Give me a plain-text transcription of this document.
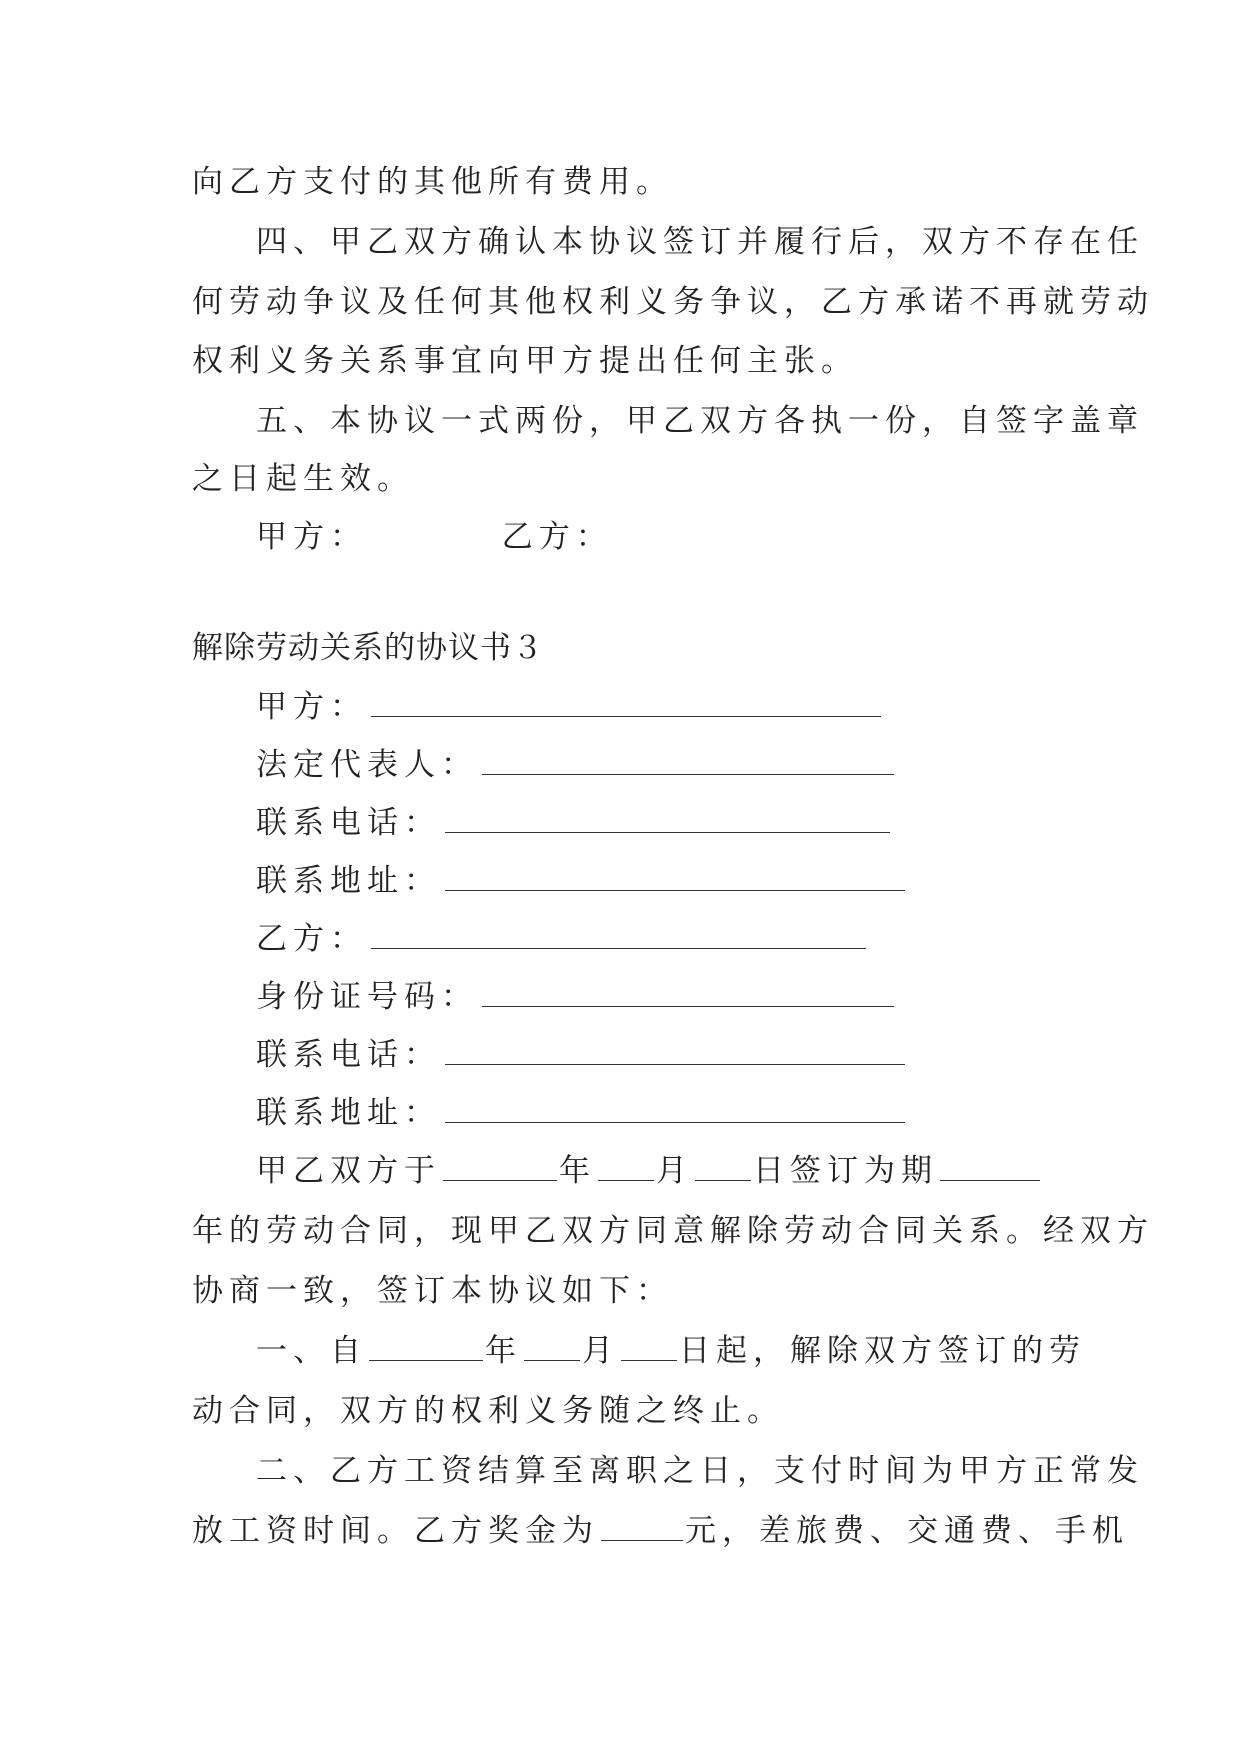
向乙方支付的其他所有费用。
四、甲乙双方确认本协议签订并履行后，双方不存在任
何劳动争议及任何其他权利义务争议，乙方承诺不再就劳动
权利义务关系事宜向甲方提出任何主张。
五、本协议一式两份，甲乙双方各执一份，自签字盖章
之日起生效。
甲方：	乙方：
解除劳动关系的协议书３
甲方：
法定代表人：
联系电话：
联系地址：
乙方：
身份证号码：
联系电话：
联系地址：
甲乙双方于	年 月 日签订为期
年的劳动合同，现甲乙双方同意解除劳动合同关系。经双方
协商一致，签订本协议如下：
一、自	年 月 日起，解除双方签订的劳
动合同，双方的权利义务随之终止。
二、乙方工资结算至离职之日，支付时间为甲方正常发
放工资时间。乙方奖金为	元，差旅费、交通费、手机
